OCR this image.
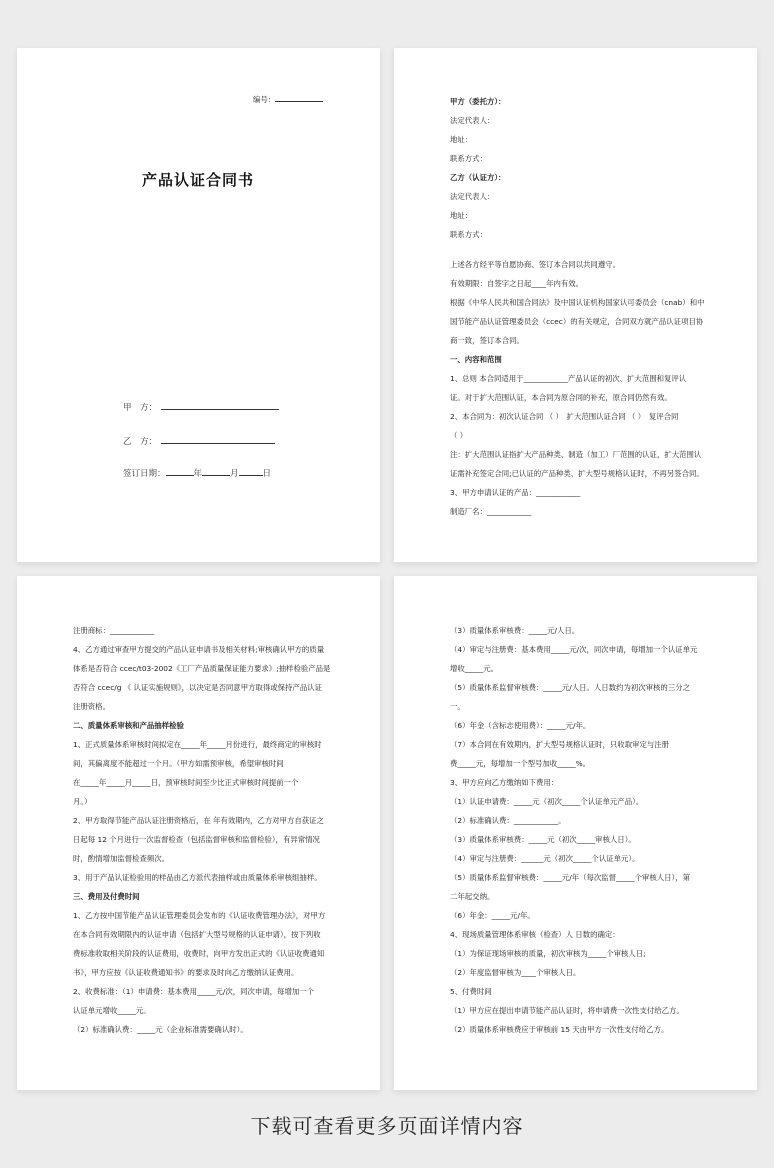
编号：
产品认证合同书
甲　方：
乙　方：
签订日期：	年	月	日

甲方（委托方）：
法定代表人：
地址：
联系方式：
乙方（认证方）：
法定代表人：
地址：
联系方式：
上述各方经平等自愿协商、签订本合同以共同遵守。
有效期限：自签字之日起____年内有效。
根据《中华人民共和国合同法》及中国认证机构国家认可委员会（cnab）和中
国节能产品认证管理委员会（ccec）的有关规定，合同双方就产品认证项目协
商一致，签订本合同。
一、内容和范围
1、总则 本合同适用于____________产品认证的初次、扩大范围和复评认
证。对于扩大范围认证，本合同为原合同的补充，原合同仍然有效。
2、本合同为：初次认证合同 （ ）　扩大范围认证合同 （ ）　复评合同
（ ）
注：扩大范围认证指扩大产品种类、制造（加工）厂范围的认证，扩大范围认
证需补充签定合同;已认证的产品种类、扩大型号规格认证时，不再另签合同。
3、甲方申请认证的产品：____________
制造厂名：____________

注册商标：____________
4、乙方通过审查甲方提交的产品认证申请书及相关材料;审核确认甲方的质量
体系是否符合 ccec/t03-2002《工厂产品质量保证能力要求》;抽样检验产品是
否符合 ccec/g 《 认证实施规则》，以决定是否同意甲方取得或保持产品认证
注册资格。
二、质量体系审核和产品抽样检验
1、正式质量体系审核时间拟定在_____年_____月份进行，最终商定的审核时
间，其偏离度不能超过一个月。（甲方如需预审核，希望审核时间
在_____年_____月_____日，预审核时间至少比正式审核时间提前一个
月。）
2、甲方取得节能产品认证注册资格后，在 年有效期内，乙方对甲方自获证之
日起每 12 个月进行一次监督检查（包括监督审核和监督检验），有异常情况
时，酌情增加监督检查频次。
3、用于产品认证检验用的样品由乙方派代表抽样或由质量体系审核组抽样。
三、费用及付费时间
1、乙方按中国节能产品认证管理委员会发布的《认证收费管理办法》，对甲方
在本合同有效期限内的认证申请（包括扩大型号规格的认证申请），按下列收
费标准收取相关阶段的认证费用，收费时，向甲方发出正式的《认证收费通知
书》，甲方应按《认证收费通知书》的要求及时向乙方缴纳认证费用。
2、收费标准：（1）申请费：基本费用_____元/次，同次申请，每增加一个
认证单元增收_____元。
（2）标准确认费：_____元（企业标准需要确认时）。

（3）质量体系审核费：_____元/人日。
（4）审定与注册费：基本费用_____元/次，同次申请，每增加一个认证单元
增收_____元。
（5）质量体系监督审核费：_____元/人日。人日数约为初次审核的三分之
一。
（6）年金（含标志使用费）：_____元/年。
（7）本合同在有效期内，扩大型号规格认证时，只收取审定与注册
费_____元，每增加一个型号加收_____%。
3、甲方应向乙方缴纳如下费用：
（1）认证申请费：_____元（初次_____个认证单元产品）。
（2）标准确认费：____________。
（3）质量体系审核费：_____元（初次_____审核人日）。
（4）审定与注册费：______元（初次_____个认证单元）。
（5）质量体系监督审核费：_____元/年（每次监督_____个审核人日），第
二年起交纳。
（6）年金：_____元/年。
4、现场质量管理体系审核（检查）人 日数的确定：
（1）为保证现场审核的质量，初次审核为_____个审核人日;
（2）年度监督审核为____个审核人日。
5、付费时间
（1）甲方应在提出申请节能产品认证时，将申请费一次性支付给乙方。
（2）质量体系审核费应于审核前 15 天由甲方一次性支付给乙方。
下载可查看更多页面详情内容
